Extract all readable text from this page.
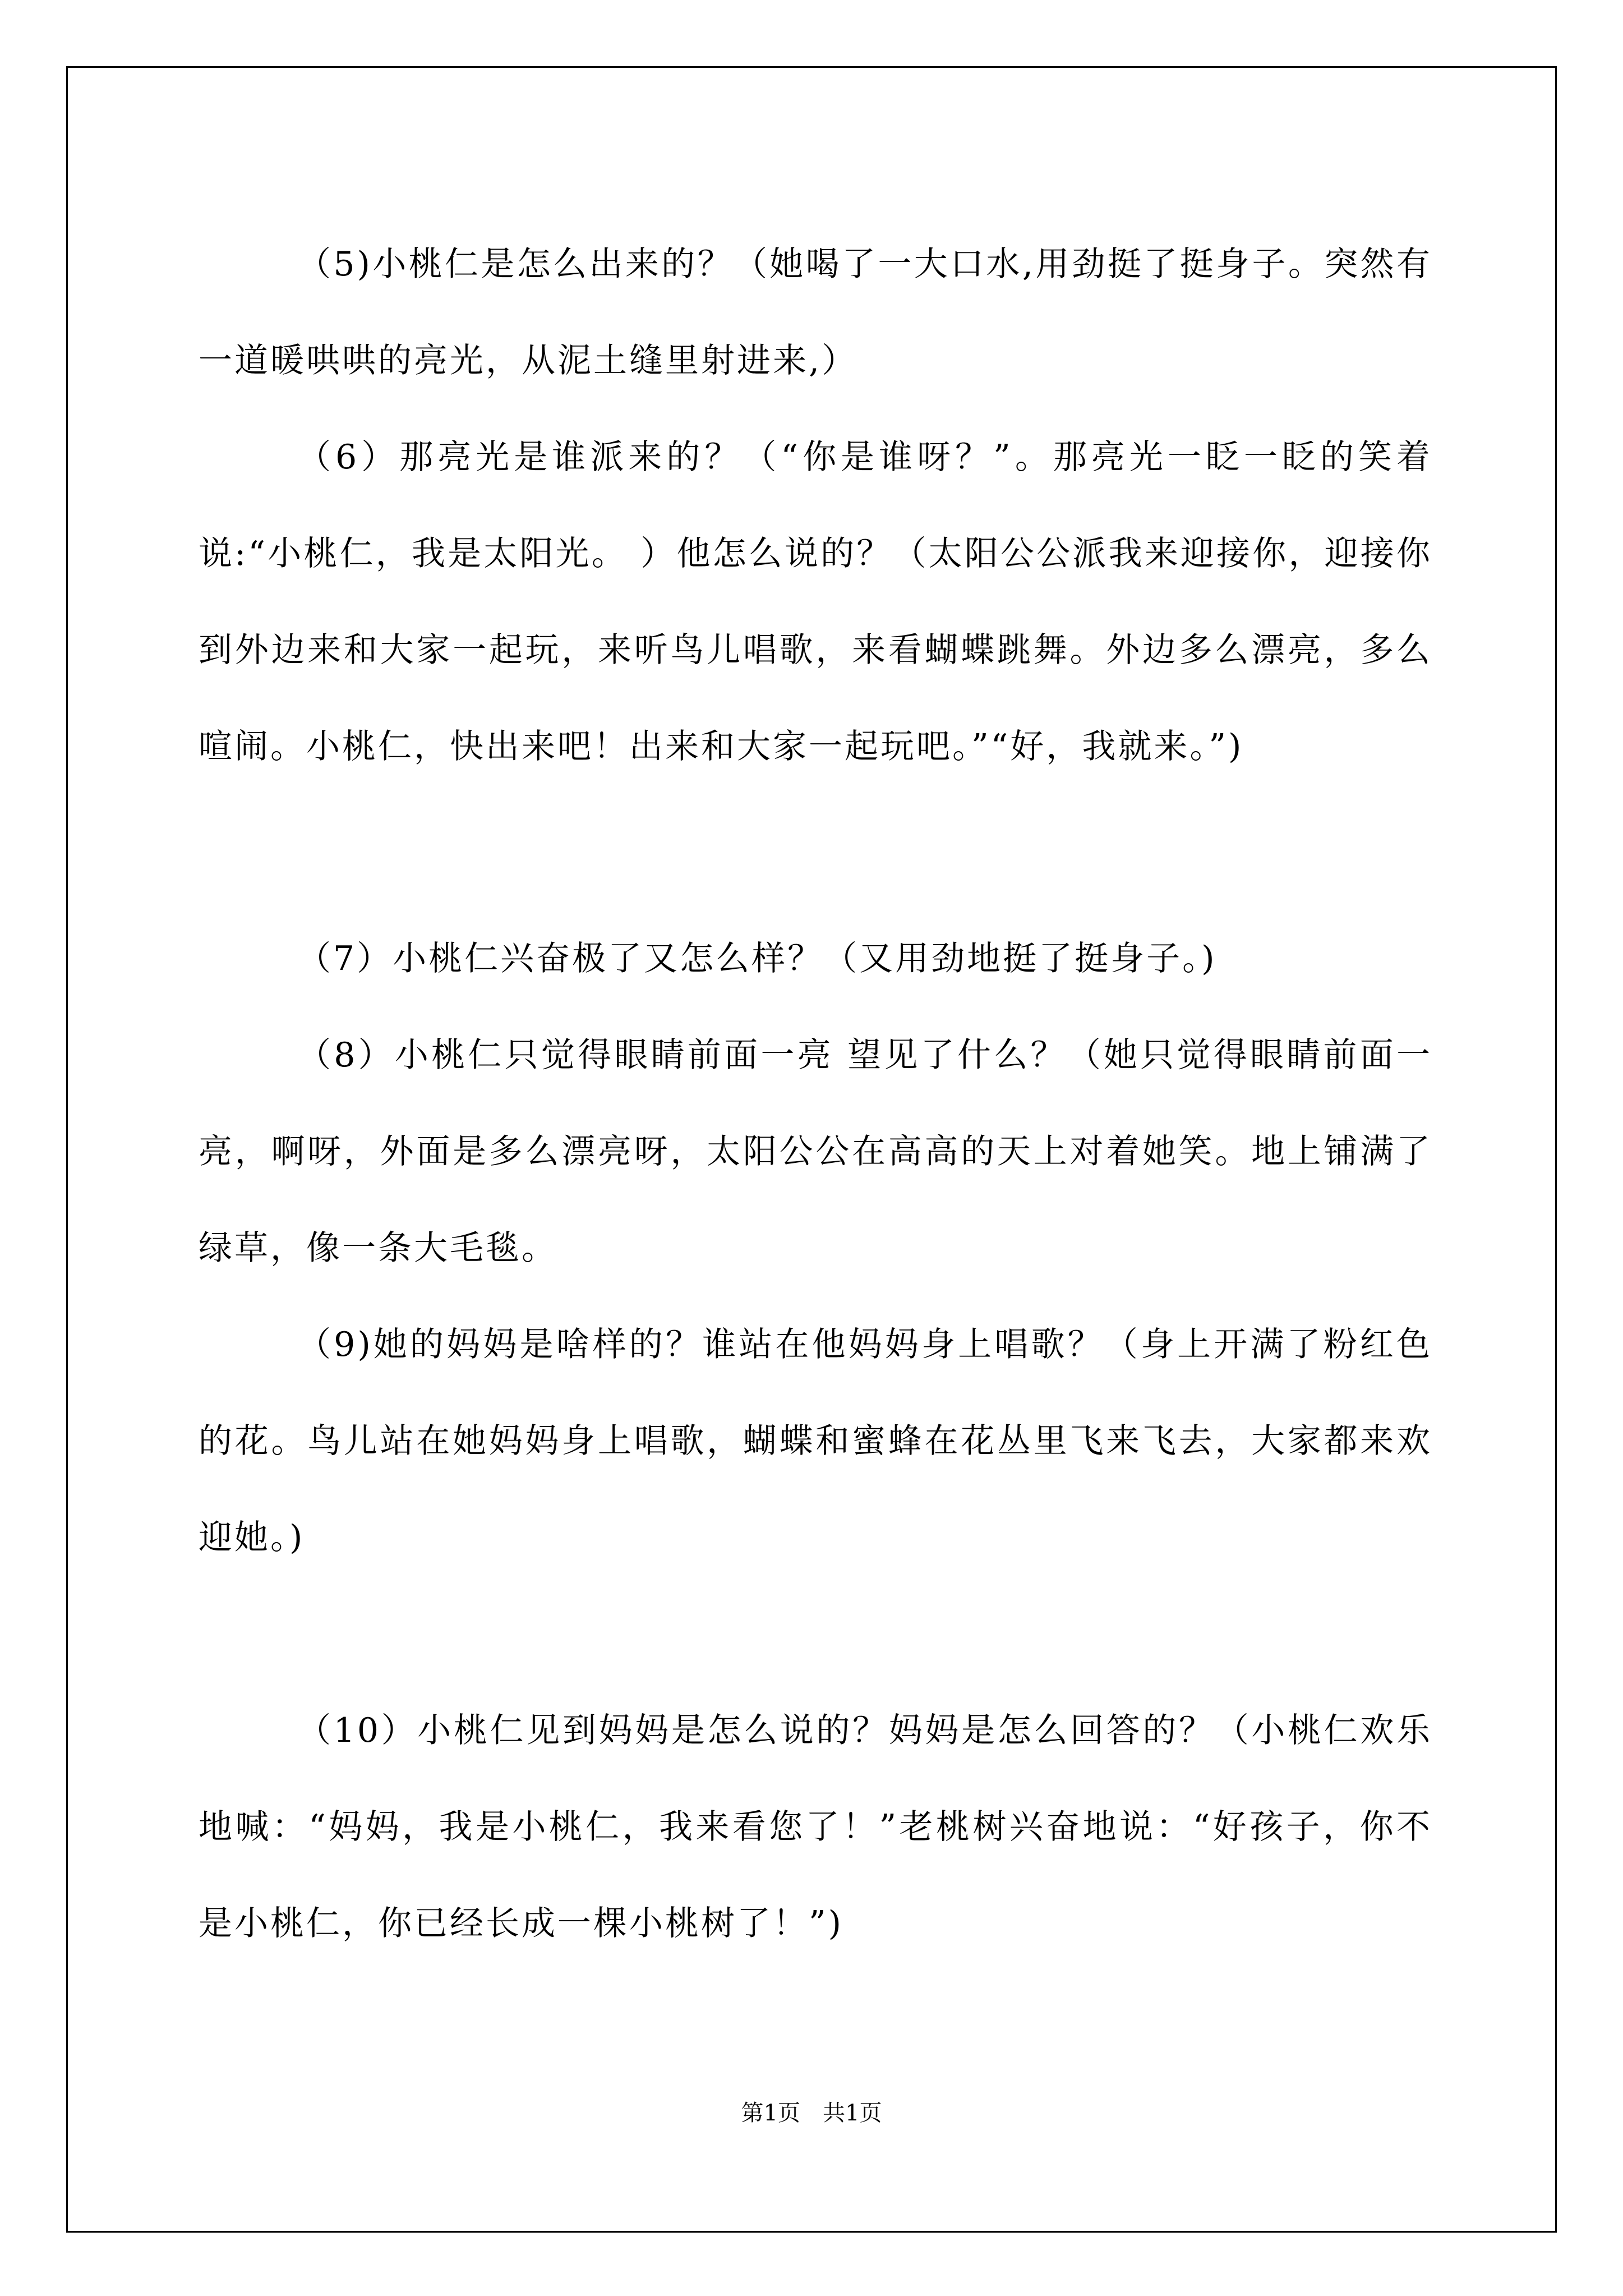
（5)小桃仁是怎么出来的？（她喝了一大口水,用劲挺了挺身子。突然有一道暖哄哄的亮光，从泥土缝里射进来,）

（6）那亮光是谁派来的？（“你是谁呀？”。那亮光一眨一眨的笑着说:“小桃仁，我是太阳光。 ）他怎么说的？（太阳公公派我来迎接你，迎接你到外边来和大家一起玩，来听鸟儿唱歌，来看蝴蝶跳舞。外边多么漂亮，多么喧闹。小桃仁，快出来吧！出来和大家一起玩吧。”“好，我就来。”)

（7）小桃仁兴奋极了又怎么样？（又用劲地挺了挺身子。)

（8）小桃仁只觉得眼睛前面一亮 望见了什么？（她只觉得眼睛前面一亮，啊呀，外面是多么漂亮呀，太阳公公在高高的天上对着她笑。地上铺满了绿草，像一条大毛毯。

（9)她的妈妈是啥样的？谁站在他妈妈身上唱歌？（身上开满了粉红色的花。鸟儿站在她妈妈身上唱歌，蝴蝶和蜜蜂在花丛里飞来飞去，大家都来欢迎她。)

（10）小桃仁见到妈妈是怎么说的？妈妈是怎么回答的？（小桃仁欢乐地喊：“妈妈，我是小桃仁，我来看您了！”老桃树兴奋地说：“好孩子，你不是小桃仁，你已经长成一棵小桃树了！”)

第1页　共1页
